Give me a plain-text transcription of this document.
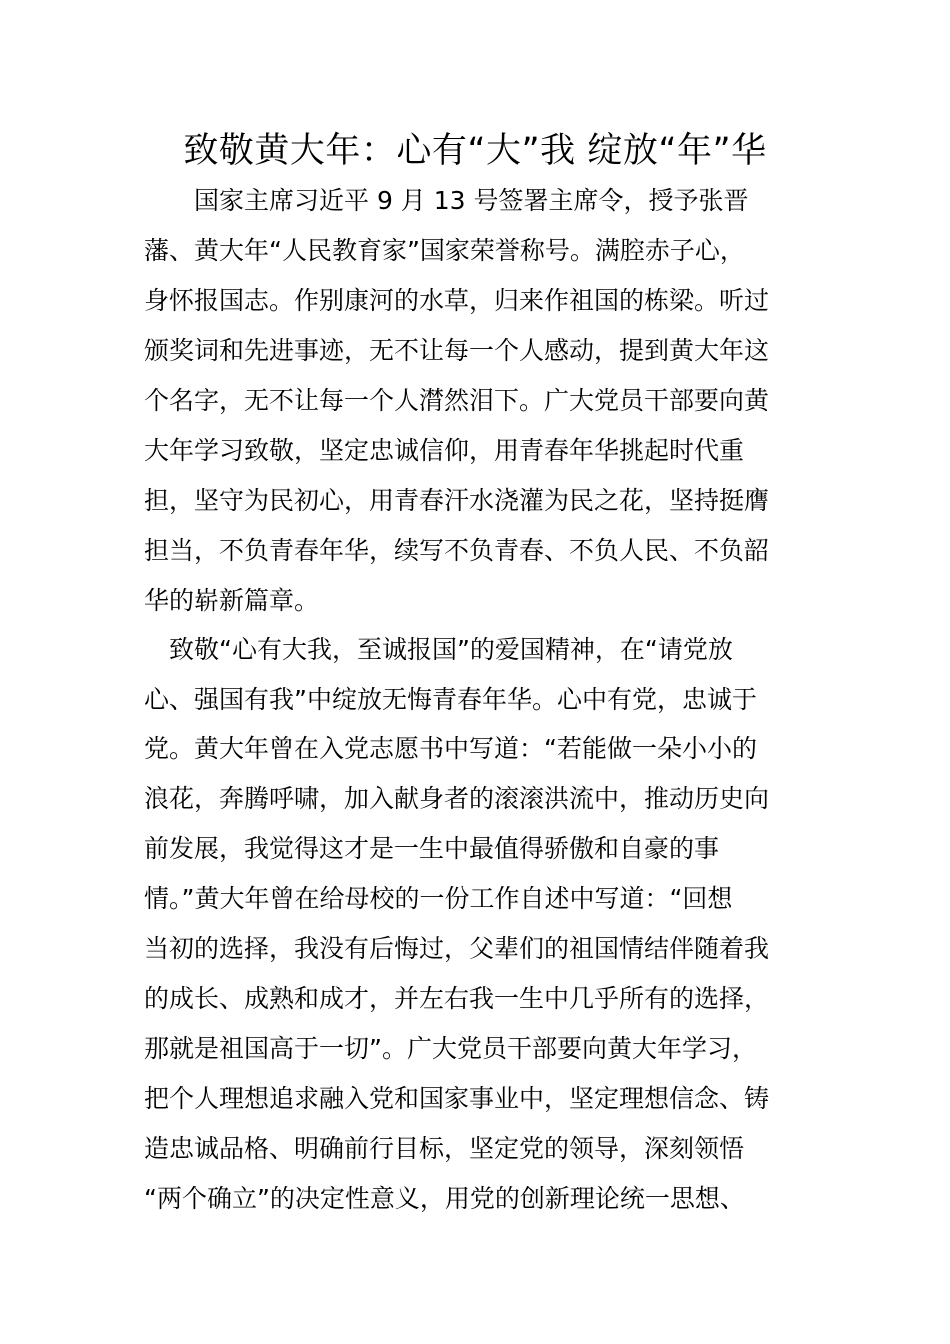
致敬黄大年：心有“大”我 绽放“年”华
　　国家主席习近平 9 月 13 号签署主席令，授予张晋
藩、黄大年“人民教育家”国家荣誉称号。满腔赤子心，
身怀报国志。作别康河的水草，归来作祖国的栋梁。听过
颁奖词和先进事迹，无不让每一个人感动，提到黄大年这
个名字，无不让每一个人潸然泪下。广大党员干部要向黄
大年学习致敬，坚定忠诚信仰，用青春年华挑起时代重
担，坚守为民初心，用青春汗水浇灌为民之花，坚持挺膺
担当，不负青春年华，续写不负青春、不负人民、不负韶
华的崭新篇章。
　致敬“心有大我，至诚报国”的爱国精神，在“请党放
心、强国有我”中绽放无悔青春年华。心中有党，忠诚于
党。黄大年曾在入党志愿书中写道：“若能做一朵小小的
浪花，奔腾呼啸，加入献身者的滚滚洪流中，推动历史向
前发展，我觉得这才是一生中最值得骄傲和自豪的事
情。”黄大年曾在给母校的一份工作自述中写道：“回想
当初的选择，我没有后悔过，父辈们的祖国情结伴随着我
的成长、成熟和成才，并左右我一生中几乎所有的选择，
那就是祖国高于一切”。广大党员干部要向黄大年学习，
把个人理想追求融入党和国家事业中，坚定理想信念、铸
造忠诚品格、明确前行目标，坚定党的领导，深刻领悟
“两个确立”的决定性意义，用党的创新理论统一思想、
